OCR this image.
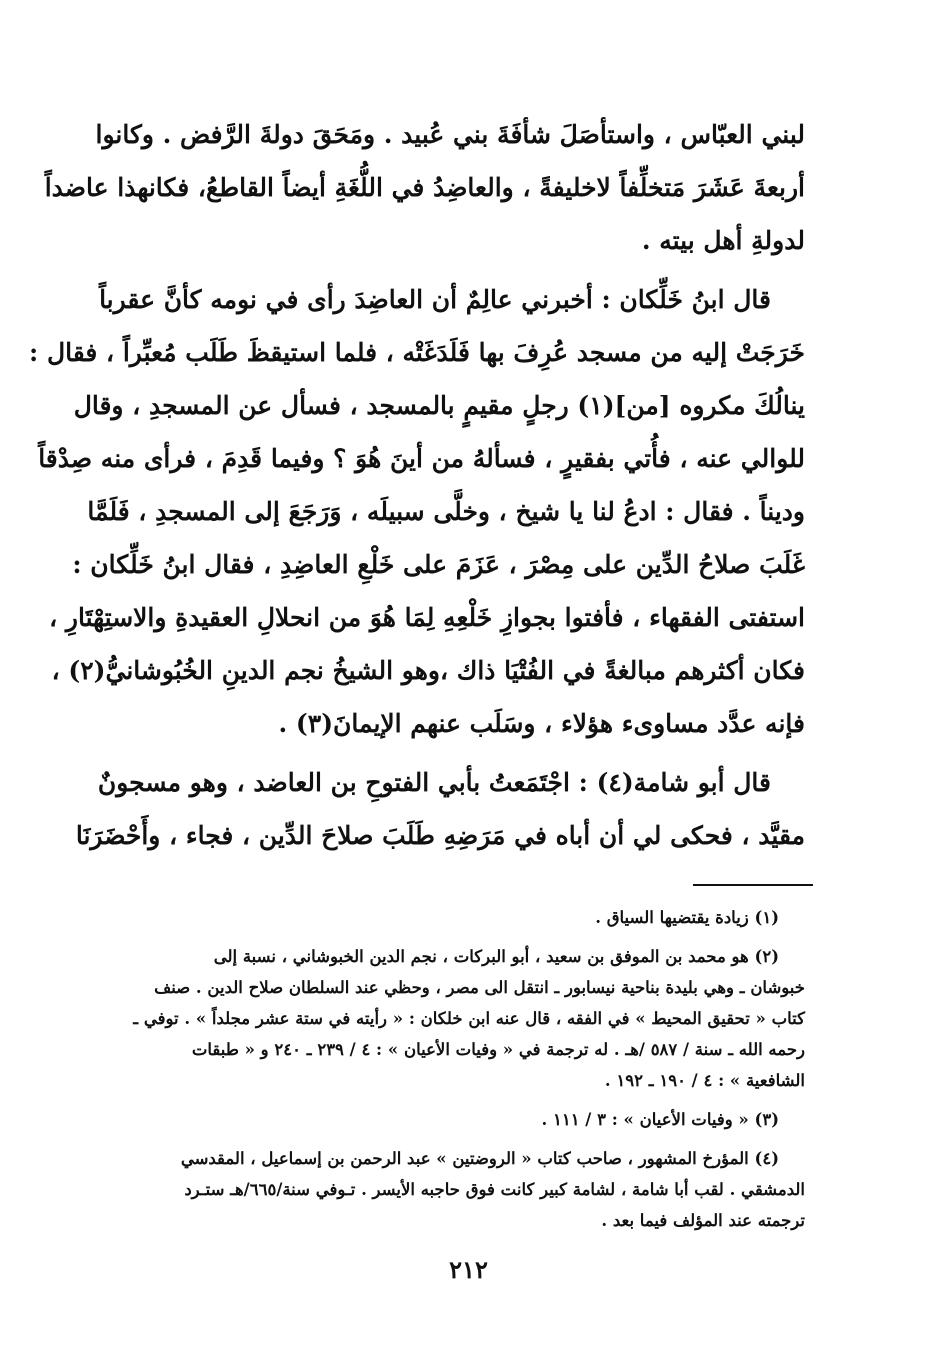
لبني العبّاس ، واستأصَلَ شأفَةَ بني عُبيد . ومَحَقَ دولةَ الرَّفض . وكانوا
أربعةَ عَشَرَ مَتخلِّفاً لاخليفةً ، والعاضِدُ في اللُّغَةِ أيضاً القاطعُ، فكانهذا عاضداً
لدولةِ أهل بيته .

قال ابنُ خَلِّكان : أخبرني عالِمٌ أن العاضِدَ رأى في نومه كأنَّ عقرباً
خَرَجَتْ إليه من مسجد عُرِفَ بها فَلَدَغَتْه ، فلما استيقظَ طَلَب مُعبِّراً ، فقال :
ينالُكَ مكروه [من](١) رجلٍ مقيمٍ بالمسجد ، فسأل عن المسجدِ ، وقال
للوالي عنه ، فأُتي بفقيرٍ ، فسألهُ من أينَ هُوَ ؟ وفيما قَدِمَ ، فرأى منه صِدْقاً
وديناً . فقال : ادعُ لنا يا شيخ ، وخلَّى سبيلَه ، وَرَجَعَ إلى المسجدِ ، فَلَمَّا
غَلَبَ صلاحُ الدِّين على مِصْرَ ، عَزَمَ على خَلْعِ العاضِدِ ، فقال ابنُ خَلِّكان :
استفتى الفقهاء ، فأفتوا بجوازِ خَلْعِهِ لِمَا هُوَ من انحلالِ العقيدةِ والاستِهْتَارِ ،
فكان أكثرهم مبالغةً في الفُتْيَا ذاك ،وهو الشيخُ نجم الدينِ الخُبُوشانيُّ(٢) ،
فإنه عدَّد مساوىء هؤلاء ، وسَلَب عنهم الإيمانَ(٣) .

قال أبو شامة(٤) : اجْتَمَعتُ بأبي الفتوحِ بن العاضد ، وهو مسجونٌ
مقيَّد ، فحكى لي أن أباه في مَرَضِهِ طَلَبَ صلاحَ الدِّين ، فجاء ، وأَحْضَرَنَا

(١) زيادة يقتضيها السياق .

(٢) هو محمد بن الموفق بن سعيد ، أبو البركات ، نجم الدين الخبوشاني ، نسبة إلى
خبوشان ـ وهي بليدة بناحية نيسابور ـ انتقل الى مصر ، وحظي عند السلطان صلاح الدين . صنف
كتاب « تحقيق المحيط » في الفقه ، قال عنه ابن خلكان : « رأيته في ستة عشر مجلداً » . توفي ـ
رحمه الله ـ سنة / ٥٨٧ /هـ . له ترجمة في « وفيات الأعيان » : ٤ / ٢٣٩ ـ ٢٤٠ و « طبقات
الشافعية » : ٤ / ١٩٠ ـ ١٩٢ .

(٣) « وفيات الأعيان » : ٣ / ١١١ .

(٤) المؤرخ المشهور ، صاحب كتاب « الروضتين » عبد الرحمن بن إسماعيل ، المقدسي
الدمشقي . لقب أبا شامة ، لشامة كبير كانت فوق حاجبه الأيسر . تـوفي سنة/٦٦٥/هـ ستـرد
ترجمته عند المؤلف فيما بعد .

٢١٢
